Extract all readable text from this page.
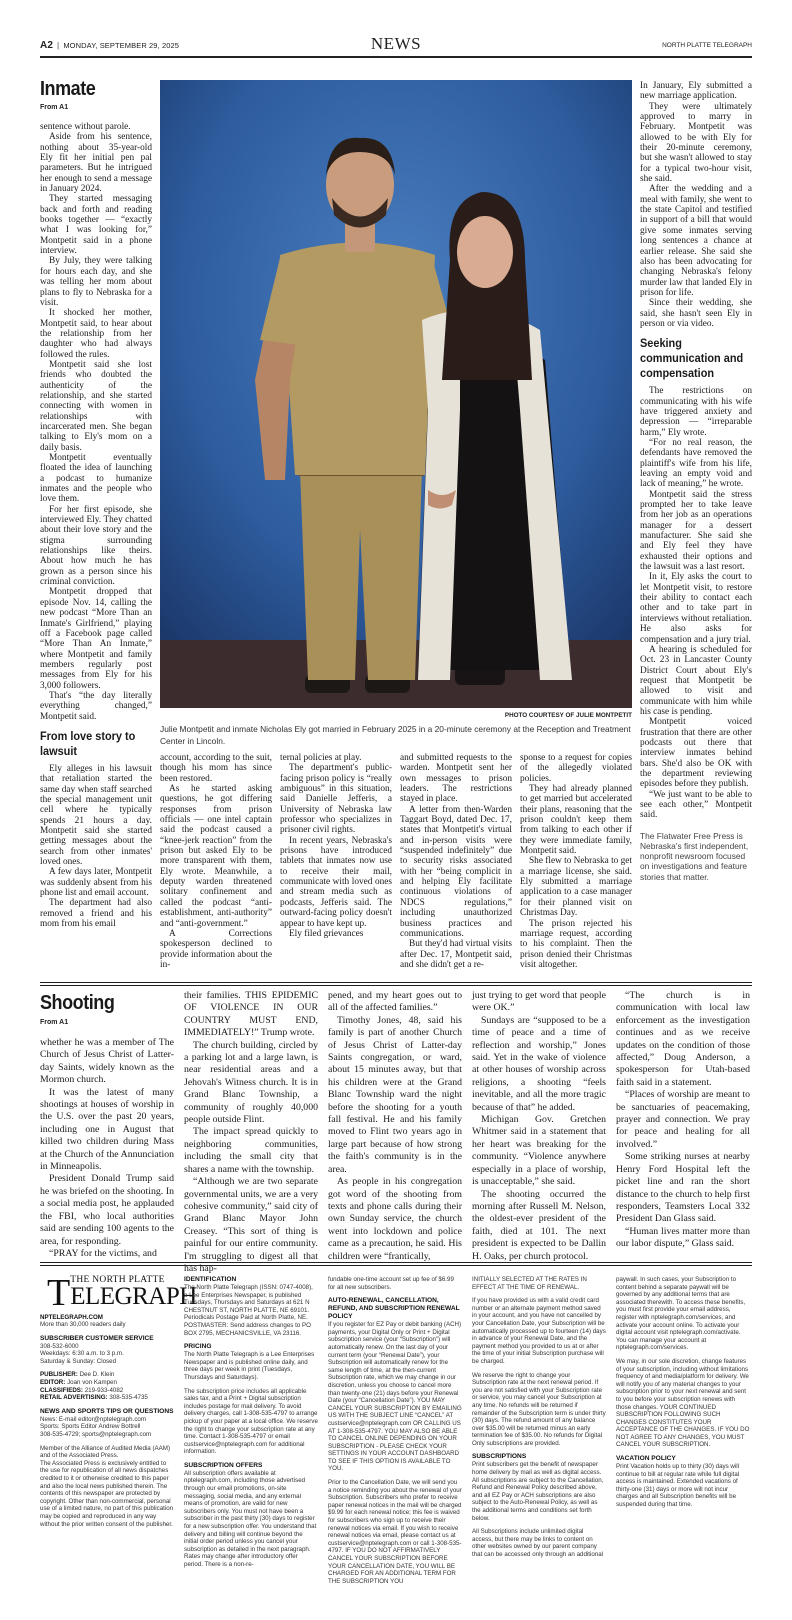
A2 | MONDAY, SEPTEMBER 29, 2025	NEWS	NORTH PLATTE TELEGRAPH
Inmate
From A1

sentence without parole.

Aside from his sentence, nothing about 35-year-old Ely fit her initial pen pal parameters. But he intrigued her enough to send a message in January 2024.

They started messaging back and forth and reading books together — “exactly what I was looking for,” Montpetit said in a phone interview.

By July, they were talking for hours each day, and she was telling her mom about plans to fly to Nebraska for a visit.

It shocked her mother, Montpetit said, to hear about the relationship from her daughter who had always followed the rules.

Montpetit said she lost friends who doubted the authenticity of the relationship, and she started connecting with women in relationships with incarcerated men. She began talking to Ely's mom on a daily basis.

Montpetit eventually floated the idea of launching a podcast to humanize inmates and the people who love them.

For her first episode, she interviewed Ely. They chatted about their love story and the stigma surrounding relationships like theirs. About how much he has grown as a person since his criminal conviction.

Montpetit dropped that episode Nov. 14, calling the new podcast “More Than an Inmate's Girlfriend,” playing off a Facebook page called “More Than An Inmate,” where Montpetit and family members regularly post messages from Ely for his 3,000 followers.

That's “the day literally everything changed,” Montpetit said.

From love story to lawsuit

Ely alleges in his lawsuit that retaliation started the same day when staff searched the special management unit cell where he typically spends 21 hours a day. Montpetit said she started getting messages about the search from other inmates' loved ones.

A few days later, Montpetit was suddenly absent from his phone list and email account.

The department had also removed a friend and his mom from his email

PHOTO COURTESY OF JULIE MONTPETIT
Julie Montpetit and inmate Nicholas Ely got married in February 2025 in a 20-minute ceremony at the Reception and Treatment Center in Lincoln.

account, according to the suit, though his mom has since been restored.

As he started asking questions, he got differing responses from prison officials — one intel captain said the podcast caused a “knee-jerk reaction” from the prison but asked Ely to be more transparent with them, Ely wrote. Meanwhile, a deputy warden threatened solitary confinement and called the podcast “anti-establishment, anti-authority” and “anti-government.”

A Corrections spokesperson declined to provide information about the in-

ternal policies at play.

The department's public-facing prison policy is “really ambiguous” in this situation, said Danielle Jefferis, a University of Nebraska law professor who specializes in prisoner civil rights.

In recent years, Nebraska's prisons have introduced tablets that inmates now use to receive their mail, communicate with loved ones and stream media such as podcasts, Jefferis said. The outward-facing policy doesn't appear to have kept up.

Ely filed grievances

and submitted requests to the warden. Montpetit sent her own messages to prison leaders. The restrictions stayed in place.

A letter from then-Warden Taggart Boyd, dated Dec. 17, states that Montpetit's virtual and in-person visits were “suspended indefinitely” due to security risks associated with her “being complicit in and helping Ely facilitate continuous violations of NDCS regulations,” including unauthorized business practices and communications.

But they'd had virtual visits after Dec. 17, Montpetit said, and she didn't get a re-

sponse to a request for copies of the allegedly violated policies.

They had already planned to get married but accelerated their plans, reasoning that the prison couldn't keep them from talking to each other if they were immediate family, Montpetit said.

She flew to Nebraska to get a marriage license, she said. Ely submitted a marriage application to a case manager for their planned visit on Christmas Day.

The prison rejected his marriage request, according to his complaint. Then the prison denied their Christmas visit altogether.

In January, Ely submitted a new marriage application.

They were ultimately approved to marry in February. Montpetit was allowed to be with Ely for their 20-minute ceremony, but she wasn't allowed to stay for a typical two-hour visit, she said.

After the wedding and a meal with family, she went to the state Capitol and testified in support of a bill that would give some inmates serving long sentences a chance at earlier release. She said she also has been advocating for changing Nebraska's felony murder law that landed Ely in prison for life.

Since their wedding, she said, she hasn't seen Ely in person or via video.

Seeking communication and compensation

The restrictions on communicating with his wife have triggered anxiety and depression — “irreparable harm,” Ely wrote.

“For no real reason, the defendants have removed the plaintiff's wife from his life, leaving an empty void and lack of meaning,” he wrote.

Montpetit said the stress prompted her to take leave from her job as an operations manager for a dessert manufacturer. She said she and Ely feel they have exhausted their options and the lawsuit was a last resort.

In it, Ely asks the court to let Montpetit visit, to restore their ability to contact each other and to take part in interviews without retaliation. He also asks for compensation and a jury trial.

A hearing is scheduled for Oct. 23 in Lancaster County District Court about Ely's request that Montpetit be allowed to visit and communicate with him while his case is pending.

Montpetit voiced frustration that there are other podcasts out there that interview inmates behind bars. She'd also be OK with the department reviewing episodes before they publish.

“We just want to be able to see each other,” Montpetit said.

The Flatwater Free Press is Nebraska's first independent, nonprofit newsroom focused on investigations and feature stories that matter.
Shooting
From A1

whether he was a member of The Church of Jesus Christ of Latter-day Saints, widely known as the Mormon church.

It was the latest of many shootings at houses of worship in the U.S. over the past 20 years, including one in August that killed two children during Mass at the Church of the Annunciation in Minneapolis.

President Donald Trump said he was briefed on the shooting. In a social media post, he applauded the FBI, who local authorities said are sending 100 agents to the area, for responding.

“PRAY for the victims, and

their families. THIS EPIDEMIC OF VIOLENCE IN OUR COUNTRY MUST END, IMMEDIATELY!” Trump wrote.

The church building, circled by a parking lot and a large lawn, is near residential areas and a Jehovah's Witness church. It is in Grand Blanc Township, a community of roughly 40,000 people outside Flint.

The impact spread quickly to neighboring communities, including the small city that shares a name with the township.

“Although we are two separate governmental units, we are a very cohesive community,” said city of Grand Blanc Mayor John Creasey. “This sort of thing is painful for our entire community. I'm struggling to digest all that has hap-

pened, and my heart goes out to all of the affected families.”

Timothy Jones, 48, said his family is part of another Church of Jesus Christ of Latter-day Saints congregation, or ward, about 15 minutes away, but that his children were at the Grand Blanc Township ward the night before the shooting for a youth fall festival. He and his family moved to Flint two years ago in large part because of how strong the faith's community is in the area.

As people in his congregation got word of the shooting from texts and phone calls during their own Sunday service, the church went into lockdown and police came as a precaution, he said. His children were “frantically,

just trying to get word that people were OK.”

Sundays are “supposed to be a time of peace and a time of reflection and worship,” Jones said. Yet in the wake of violence at other houses of worship across religions, a shooting “feels inevitable, and all the more tragic because of that” he added.

Michigan Gov. Gretchen Whitmer said in a statement that her heart was breaking for the community. “Violence anywhere especially in a place of worship, is unacceptable,” she said.

The shooting occurred the morning after Russell M. Nelson, the oldest-ever president of the faith, died at 101. The next president is expected to be Dallin H. Oaks, per church protocol.

“The church is in communication with local law enforcement as the investigation continues and as we receive updates on the condition of those affected,” Doug Anderson, a spokesperson for Utah-based faith said in a statement.

“Places of worship are meant to be sanctuaries of peacemaking, prayer and connection. We pray for peace and healing for all involved.”

Some striking nurses at nearby Henry Ford Hospital left the picket line and ran the short distance to the church to help first responders, Teamsters Local 332 President Dan Glass said.

“Human lives matter more than our labor dispute,” Glass said.

T THE NORTH PLATTE
ELEGRAPH
NPTELEGRAPH.COM
More than 30,000 readers daily
SUBSCRIBER CUSTOMER SERVICE
308-532-6000
Weekdays: 6:30 a.m. to 3 p.m.
Saturday & Sunday: Closed
PUBLISHER: Dee D. Klein
EDITOR: Joan von Kampen
CLASSIFIEDS: 219-933-4082
RETAIL ADVERTISING: 308-535-4735
NEWS AND SPORTS TIPS OR QUESTIONS
News: E-mail editor@nptelegraph.com
Sports: Sports Editor Andrew Bottrell
308-535-4729; sports@nptelegraph.com

Member of the Alliance of Audited Media (AAM) and of the Associated Press.

The Associated Press is exclusively entitled to the use for republication of all news dispatches credited to it or otherwise credited to this paper and also the local news published therein. The contents of this newspaper are protected by copyright. Other than non-commercial, personal use of a limited nature, no part of this publication may be copied and reproduced in any way without the prior written consent of the publisher.

IDENTIFICATION

The North Platte Telegraph (ISSN: 0747-4008), a Lee Enterprises Newspaper, is published Tuesdays, Thursdays and Saturdays at 621 N CHESTNUT ST, NORTH PLATTE, NE 69101. Periodicals Postage Paid at North Platte, NE. POSTMASTER: Send address changes to PO BOX 2795, MECHANICSVILLE, VA 23116.

PRICING

The North Platte Telegraph is a Lee Enterprises Newspaper and is published online daily, and three days per week in print (Tuesdays, Thursdays and Saturdays).

The subscription price includes all applicable sales tax, and a Print + Digital subscription includes postage for mail delivery. To avoid delivery charges, call 1-308-535-4797 to arrange pickup of your paper at a local office. We reserve the right to change your subscription rate at any time. Contact 1-308-535-4797 or email custservice@nptelegraph.com for additional information.

SUBSCRIPTION OFFERS

All subscription offers available at nptelegraph.com, including those advertised through our email promotions, on-site messaging, social media, and any external means of promotion, are valid for new subscribers only. You must not have been a subscriber in the past thirty (30) days to register for a new subscription offer. You understand that delivery and billing will continue beyond the initial order period unless you cancel your subscription as detailed in the next paragraph. Rates may change after introductory offer period. There is a non-re-

fundable one-time account set up fee of $6.99 for all new subscribers.

AUTO-RENEWAL, CANCELLATION, REFUND, AND SUBSCRIPTION RENEWAL POLICY

If you register for EZ Pay or debit banking (ACH) payments, your Digital Only or Print + Digital subscription service (your “Subscription”) will automatically renew. On the last day of your current term (your “Renewal Date”), your Subscription will automatically renew for the same length of time, at the then-current Subscription rate, which we may change in our discretion, unless you choose to cancel more than twenty-one (21) days before your Renewal Date (your “Cancellation Date”). YOU MAY CANCEL YOUR SUBSCRIPTION BY EMAILING US WITH THE SUBJECT LINE “CANCEL” AT custservice@nptelegraph.com OR CALLING US AT 1-308-535-4797. YOU MAY ALSO BE ABLE TO CANCEL ONLINE DEPENDING ON YOUR SUBSCRIPTION - PLEASE CHECK YOUR SETTINGS IN YOUR ACCOUNT DASHBOARD TO SEE IF THIS OPTION IS AVAILABLE TO YOU.

Prior to the Cancellation Date, we will send you a notice reminding you about the renewal of your Subscription. Subscribers who prefer to receive paper renewal notices in the mail will be charged $9.99 for each renewal notice; this fee is waived for subscribers who sign up to receive their renewal notices via email. If you wish to receive renewal notices via email, please contact us at custservice@nptelegraph.com or call 1-308-535-4797. IF YOU DO NOT AFFIRMATIVELY CANCEL YOUR SUBSCRIPTION BEFORE YOUR CANCELLATION DATE, YOU WILL BE CHARGED FOR AN ADDITIONAL TERM FOR THE SUBSCRIPTION YOU

INITIALLY SELECTED AT THE RATES IN EFFECT AT THE TIME OF RENEWAL.

If you have provided us with a valid credit card number or an alternate payment method saved in your account, and you have not cancelled by your Cancellation Date, your Subscription will be automatically processed up to fourteen (14) days in advance of your Renewal Date, and the payment method you provided to us at or after the time of your initial Subscription purchase will be charged.

We reserve the right to change your Subscription rate at the next renewal period. If you are not satisfied with your Subscription rate or service, you may cancel your Subscription at any time. No refunds will be returned if remainder of the Subscription term is under thirty (30) days. The refund amount of any balance over $35.00 will be returned minus an early termination fee of $35.00. No refunds for Digital Only subscriptions are provided.

SUBSCRIPTIONS

Print subscribers get the benefit of newspaper home delivery by mail as well as digital access. All subscriptions are subject to the Cancellation, Refund and Renewal Policy described above, and all EZ Pay or ACH subscriptions are also subject to the Auto-Renewal Policy, as well as the additional terms and conditions set forth below.

All Subscriptions include unlimited digital access, but there may be links to content on other websites owned by our parent company that can be accessed only through an additional

paywall. In such cases, your Subscription to content behind a separate paywall will be governed by any additional terms that are associated therewith. To access these benefits, you must first provide your email address, register with nptelegraph.com/services, and activate your account online. To activate your digital account visit nptelegraph.com/activate. You can manage your account at nptelegraph.com/services.

We may, in our sole discretion, change features of your subscription, including without limitations frequency of and media/platform for delivery. We will notify you of any material changes to your subscription prior to your next renewal and sent to you before your subscription renews with those changes. YOUR CONTINUED SUBSCRIPTION FOLLOWING SUCH CHANGES CONSTITUTES YOUR ACCEPTANCE OF THE CHANGES. IF YOU DO NOT AGREE TO ANY CHANGES, YOU MUST CANCEL YOUR SUBSCRIPTION.

VACATION POLICY

Print Vacation holds up to thirty (30) days will continue to bill at regular rate while full digital access is maintained. Extended vacations of thirty-one (31) days or more will not incur charges and all Subscription benefits will be suspended during that time.
